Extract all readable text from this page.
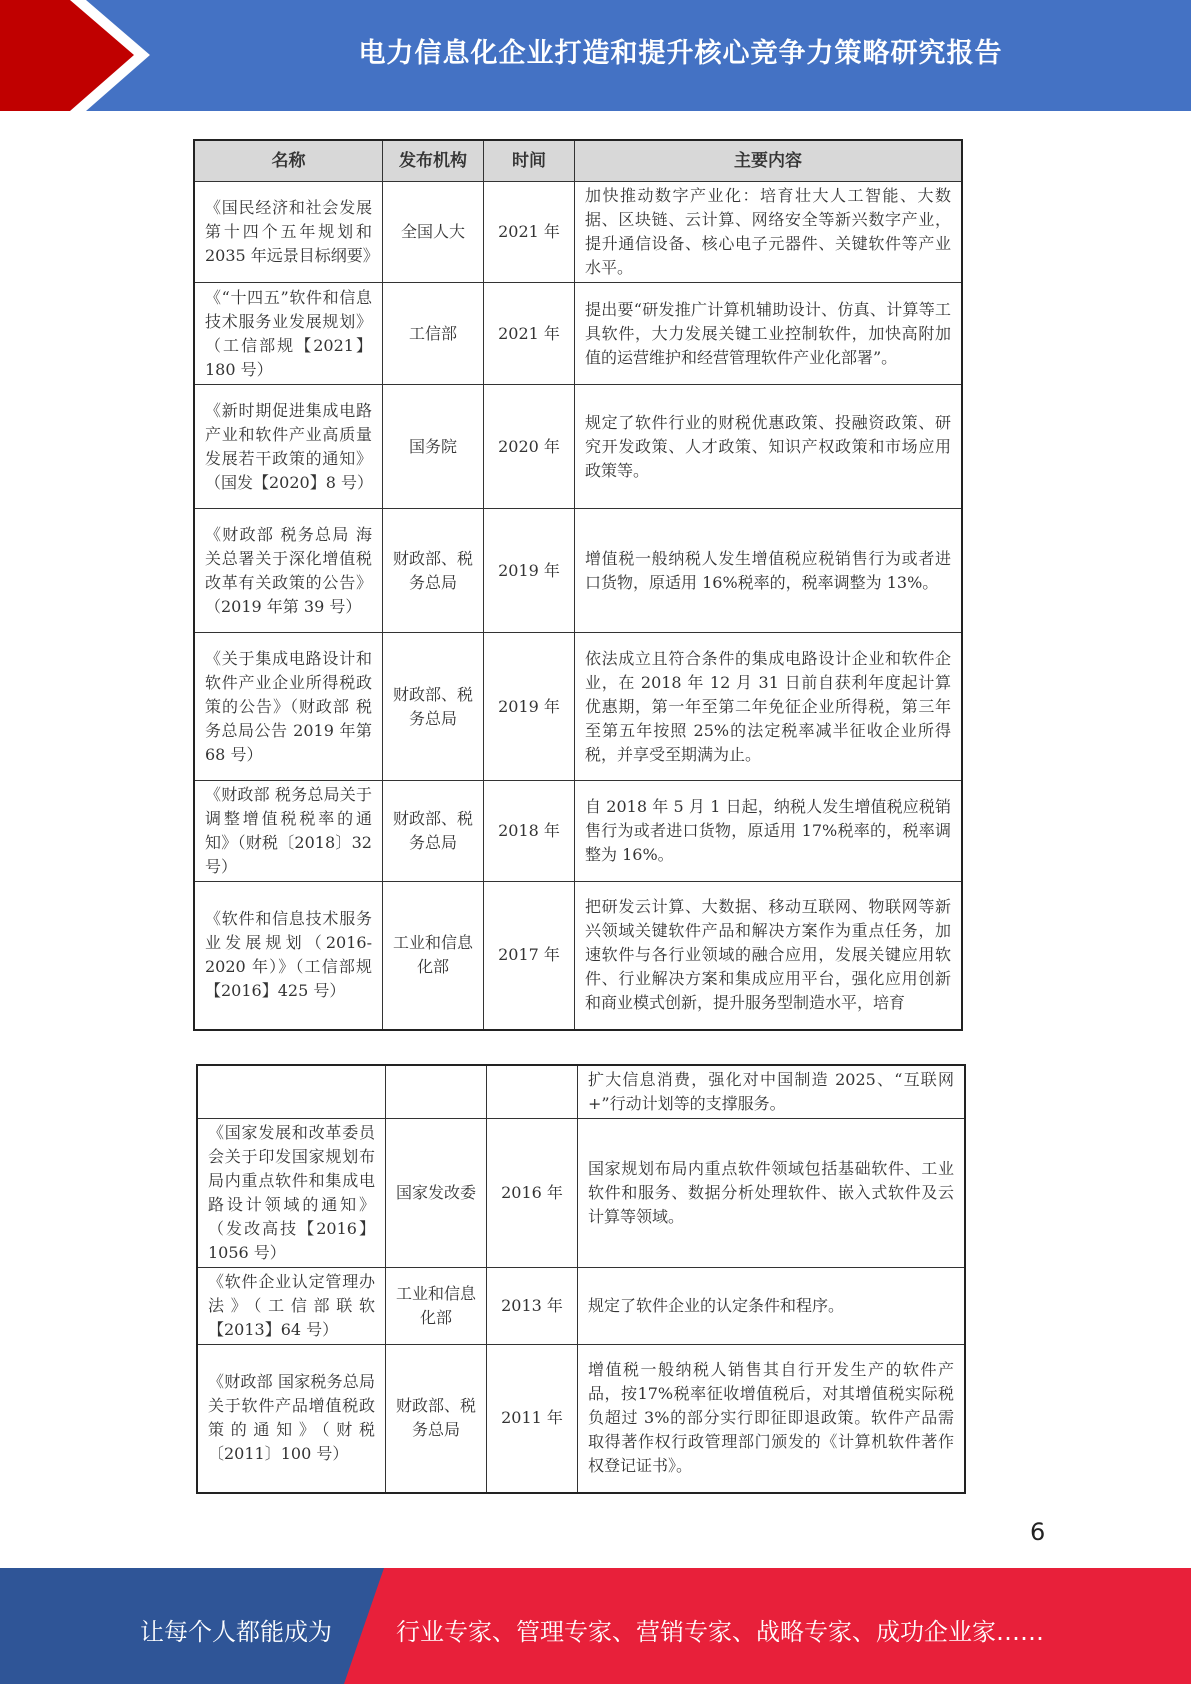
电力信息化企业打造和提升核心竞争力策略研究报告
名称	发布机构	时间	主要内容
《国民经济和社会发展第十四个五年规划和 2035 年远景目标纲要》	全国人大	2021 年	加快推动数字产业化：培育壮大人工智能、大数据、区块链、云计算、网络安全等新兴数字产业，提升通信设备、核心电子元器件、关键软件等产业水平。
《“十四五”软件和信息技术服务业发展规划》（工信部规【2021】180 号）	工信部	2021 年	提出要“研发推广计算机辅助设计、仿真、计算等工具软件，大力发展关键工业控制软件，加快高附加值的运营维护和经营管理软件产业化部署”。
《新时期促进集成电路产业和软件产业高质量发展若干政策的通知》（国发【2020】8 号）	国务院	2020 年	规定了软件行业的财税优惠政策、投融资政策、研究开发政策、人才政策、知识产权政策和市场应用政策等。
《财政部 税务总局 海关总署关于深化增值税改革有关政策的公告》（2019 年第 39 号）	财政部、税务总局	2019 年	增值税一般纳税人发生增值税应税销售行为或者进口货物，原适用 16%税率的，税率调整为 13%。
《关于集成电路设计和软件产业企业所得税政策的公告》（财政部 税务总局公告 2019 年第 68 号）	财政部、税务总局	2019 年	依法成立且符合条件的集成电路设计企业和软件企业，在 2018 年 12 月 31 日前自获利年度起计算优惠期，第一年至第二年免征企业所得税，第三年至第五年按照 25%的法定税率减半征收企业所得税，并享受至期满为止。
《财政部 税务总局关于调整增值税税率的通知》（财税〔2018〕32 号）	财政部、税务总局	2018 年	自 2018 年 5 月 1 日起，纳税人发生增值税应税销售行为或者进口货物，原适用 17%税率的，税率调整为 16%。
《软件和信息技术服务业发展规划（2016-2020 年）》（工信部规【2016】425 号）	工业和信息化部	2017 年	把研发云计算、大数据、移动互联网、物联网等新兴领域关键软件产品和解决方案作为重点任务，加速软件与各行业领域的融合应用，发展关键应用软件、行业解决方案和集成应用平台，强化应用创新和商业模式创新，提升服务型制造水平，培育
			扩大信息消费，强化对中国制造 2025、“互联网+”行动计划等的支撑服务。
《国家发展和改革委员会关于印发国家规划布局内重点软件和集成电路设计领域的通知》（发改高技【2016】1056 号）	国家发改委	2016 年	国家规划布局内重点软件领域包括基础软件、工业软件和服务、数据分析处理软件、嵌入式软件及云计算等领域。
《软件企业认定管理办法》（工信部联软【2013】64 号）	工业和信息化部	2013 年	规定了软件企业的认定条件和程序。
《财政部 国家税务总局关于软件产品增值税政策的通知》（财税〔2011〕100 号）	财政部、税务总局	2011 年	增值税一般纳税人销售其自行开发生产的软件产品，按17%税率征收增值税后，对其增值税实际税负超过 3%的部分实行即征即退政策。软件产品需取得著作权行政管理部门颁发的《计算机软件著作权登记证书》。
6
让每个人都能成为	行业专家、管理专家、营销专家、战略专家、成功企业家……
